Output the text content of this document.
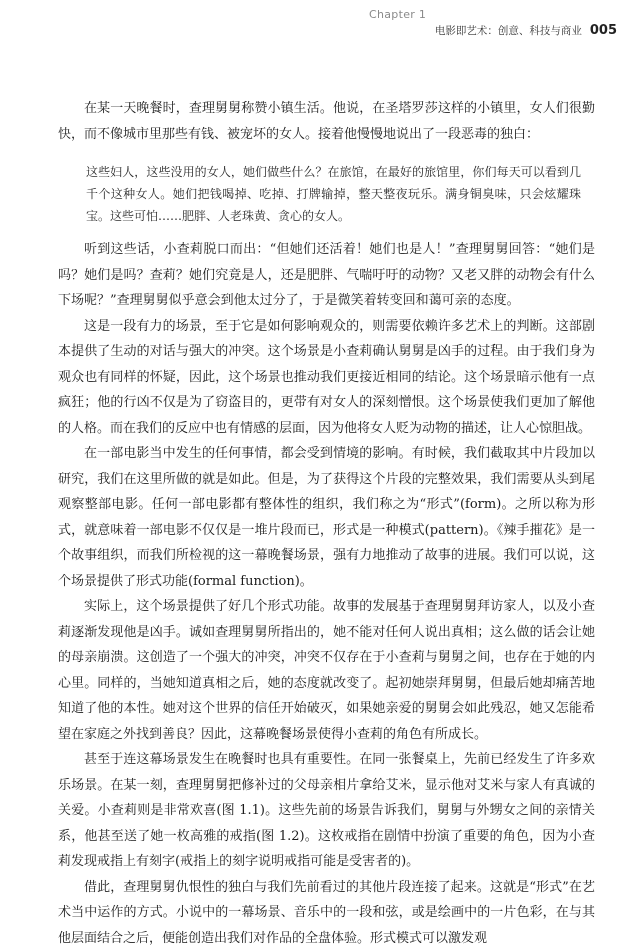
Chapter 1
电影即艺术：创意、科技与商业 005

在某一天晚餐时，查理舅舅称赞小镇生活。他说，在圣塔罗莎这样的小镇里，女人们很勤快，而不像城市里那些有钱、被宠坏的女人。接着他慢慢地说出了一段恶毒的独白：

这些妇人，这些没用的女人，她们做些什么？在旅馆，在最好的旅馆里，你们每天可以看到几千个这种女人。她们把钱喝掉、吃掉、打牌输掉，整天整夜玩乐。满身铜臭味，只会炫耀珠宝。这些可怕……肥胖、人老珠黄、贪心的女人。

听到这些话，小查莉脱口而出：“但她们还活着！她们也是人！”查理舅舅回答：“她们是吗？她们是吗？查莉？她们究竟是人，还是肥胖、气喘吁吁的动物？又老又胖的动物会有什么下场呢？”查理舅舅似乎意会到他太过分了，于是微笑着转变回和蔼可亲的态度。

这是一段有力的场景，至于它是如何影响观众的，则需要依赖许多艺术上的判断。这部剧本提供了生动的对话与强大的冲突。这个场景是小查莉确认舅舅是凶手的过程。由于我们身为观众也有同样的怀疑，因此，这个场景也推动我们更接近相同的结论。这个场景暗示他有一点疯狂；他的行凶不仅是为了窃盗目的，更带有对女人的深刻憎恨。这个场景使我们更加了解他的人格。而在我们的反应中也有情感的层面，因为他将女人贬为动物的描述，让人心惊胆战。

在一部电影当中发生的任何事情，都会受到情境的影响。有时候，我们截取其中片段加以研究，我们在这里所做的就是如此。但是，为了获得这个片段的完整效果，我们需要从头到尾观察整部电影。任何一部电影都有整体性的组织，我们称之为“形式”(form)。之所以称为形式，就意味着一部电影不仅仅是一堆片段而已，形式是一种模式(pattern)。《辣手摧花》是一个故事组织，而我们所检视的这一幕晚餐场景，强有力地推动了故事的进展。我们可以说，这个场景提供了形式功能(formal function)。

实际上，这个场景提供了好几个形式功能。故事的发展基于查理舅舅拜访家人，以及小查莉逐渐发现他是凶手。诚如查理舅舅所指出的，她不能对任何人说出真相；这么做的话会让她的母亲崩溃。这创造了一个强大的冲突，冲突不仅存在于小查莉与舅舅之间，也存在于她的内心里。同样的，当她知道真相之后，她的态度就改变了。起初她崇拜舅舅，但最后她却痛苦地知道了他的本性。她对这个世界的信任开始破灭，如果她亲爱的舅舅会如此残忍，她又怎能希望在家庭之外找到善良？因此，这幕晚餐场景使得小查莉的角色有所成长。

甚至于连这幕场景发生在晚餐时也具有重要性。在同一张餐桌上，先前已经发生了许多欢乐场景。在某一刻，查理舅舅把修补过的父母亲相片拿给艾米，显示他对艾米与家人有真诚的关爱。小查莉则是非常欢喜(图 1.1)。这些先前的场景告诉我们，舅舅与外甥女之间的亲情关系，他甚至送了她一枚高雅的戒指(图 1.2)。这枚戒指在剧情中扮演了重要的角色，因为小查莉发现戒指上有刻字(戒指上的刻字说明戒指可能是受害者的)。

借此，查理舅舅仇恨性的独白与我们先前看过的其他片段连接了起来。这就是“形式”在艺术当中运作的方式。小说中的一幕场景、音乐中的一段和弦，或是绘画中的一片色彩，在与其他层面结合之后，便能创造出我们对作品的全盘体验。形式模式可以激发观
